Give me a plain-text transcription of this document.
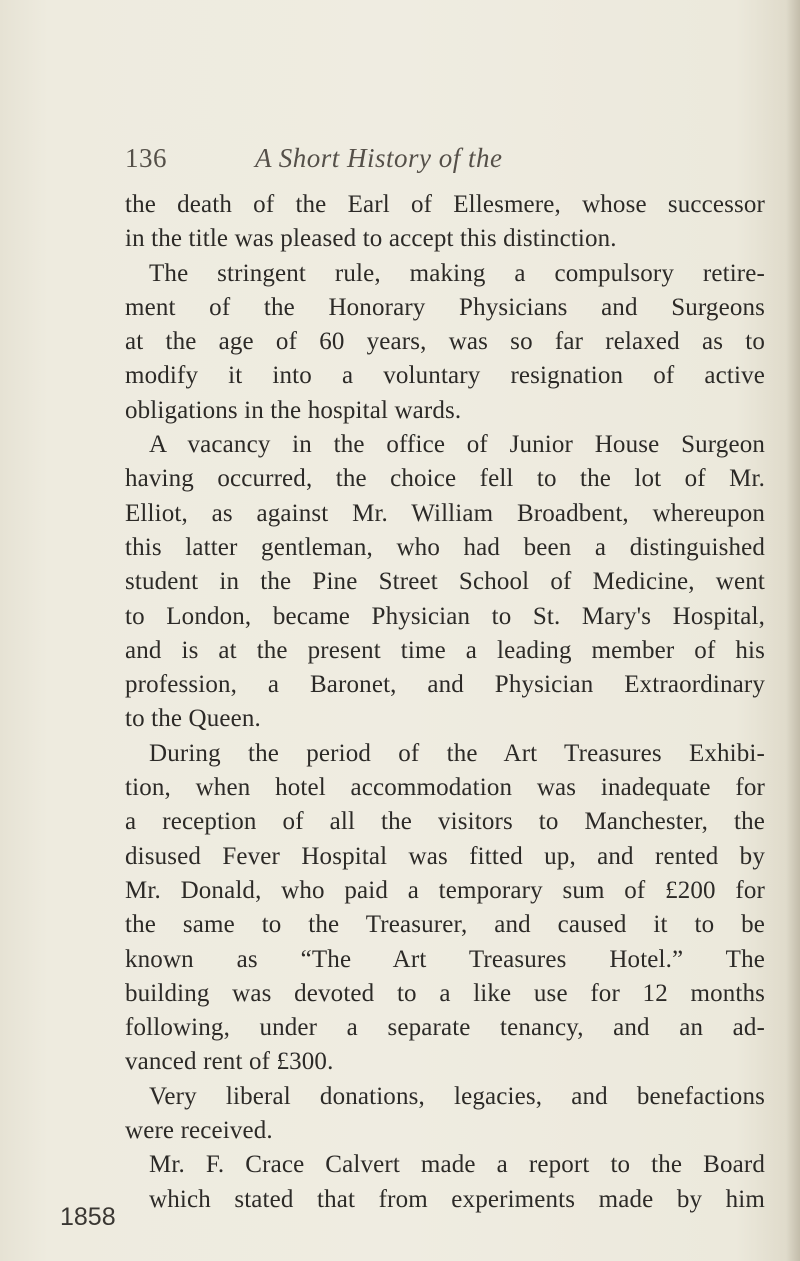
136	A Short History of the
the death of the Earl of Ellesmere, whose successor
in the title was pleased to accept this distinction.
The stringent rule, making a compulsory retire-
ment of the Honorary Physicians and Surgeons
at the age of 60 years, was so far relaxed as to
modify it into a voluntary resignation of active
obligations in the hospital wards.
A vacancy in the office of Junior House Surgeon
having occurred, the choice fell to the lot of Mr.
Elliot, as against Mr. William Broadbent, whereupon
this latter gentleman, who had been a distinguished
student in the Pine Street School of Medicine, went
to London, became Physician to St. Mary's Hospital,
and is at the present time a leading member of his
profession, a Baronet, and Physician Extraordinary
to the Queen.
During the period of the Art Treasures Exhibi-
tion, when hotel accommodation was inadequate for
a reception of all the visitors to Manchester, the
disused Fever Hospital was fitted up, and rented by
Mr. Donald, who paid a temporary sum of £200 for
the same to the Treasurer, and caused it to be
known as “The Art Treasures Hotel.” The
building was devoted to a like use for 12 months
following, under a separate tenancy, and an ad-
vanced rent of £300.
Very liberal donations, legacies, and benefactions
were received.
Mr. F. Crace Calvert made a report to the Board
which stated that from experiments made by him
1858
